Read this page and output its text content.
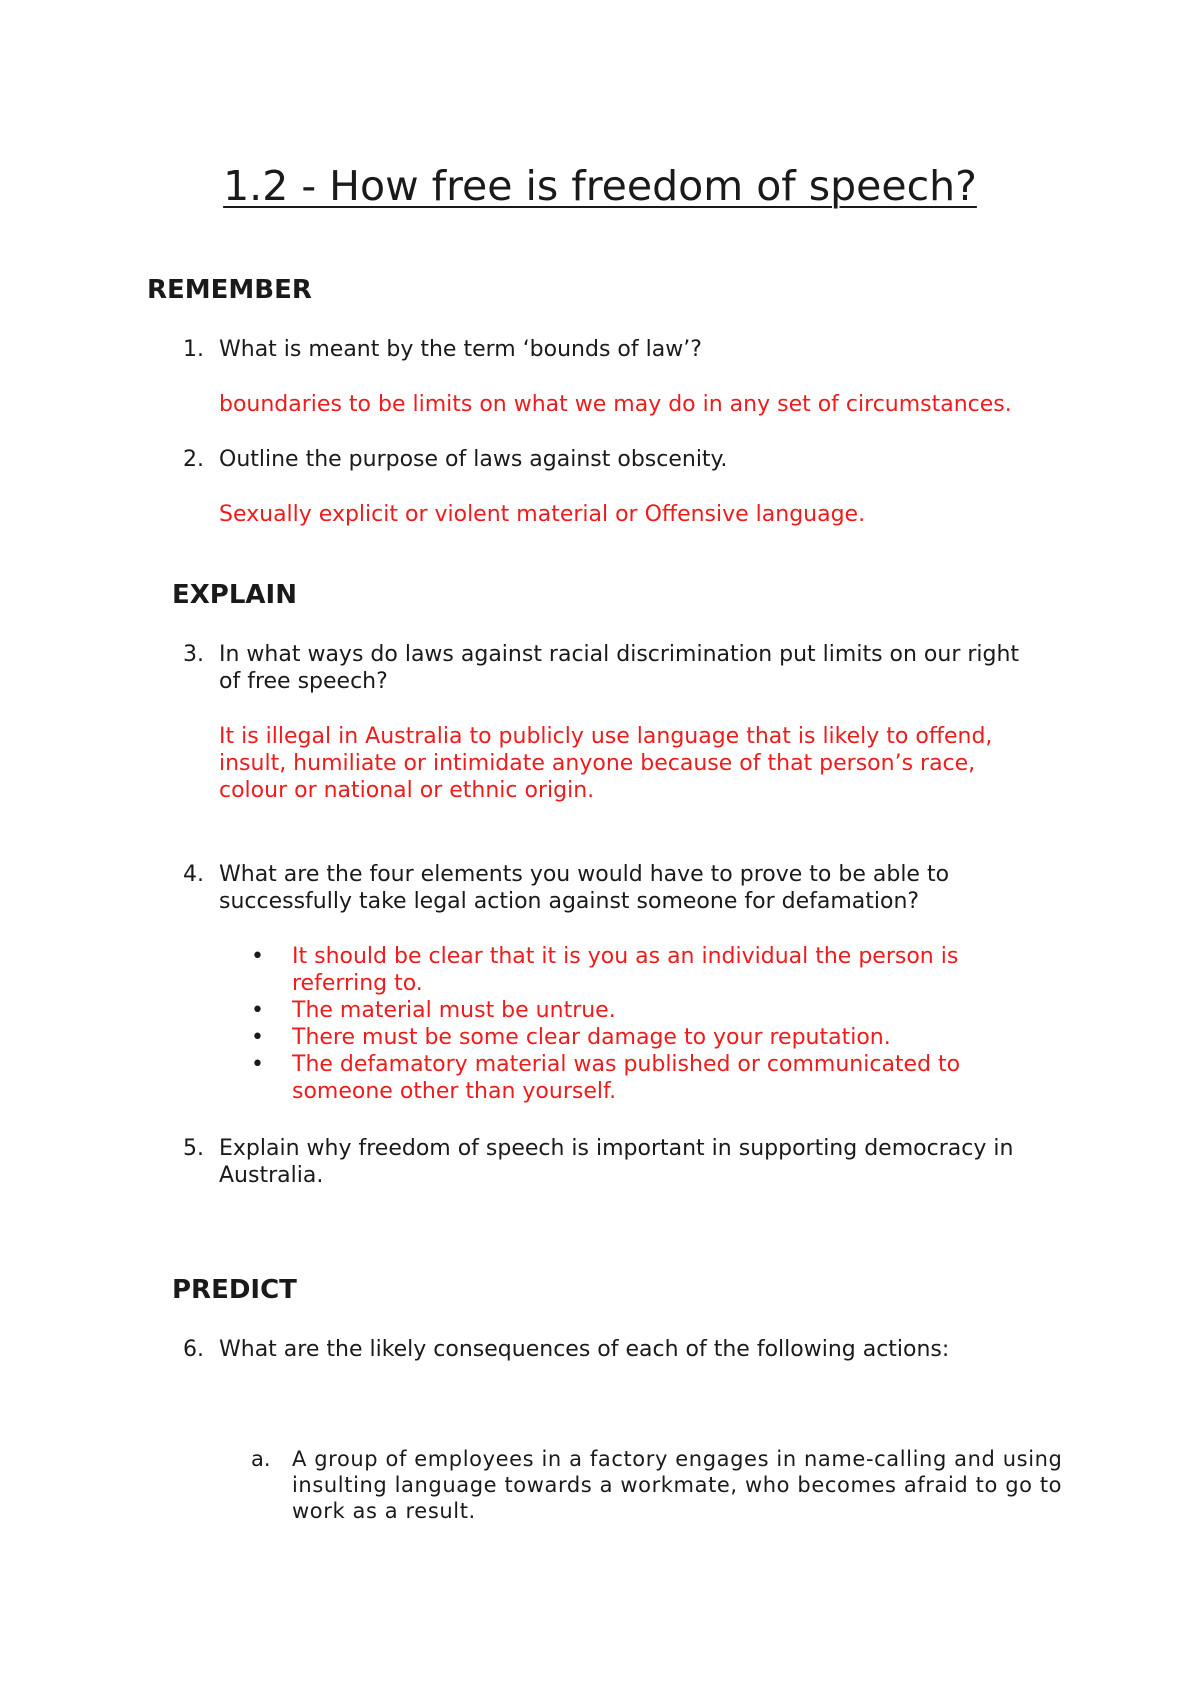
1.2 - How free is freedom of speech?
REMEMBER
1. What is meant by the term ‘bounds of law’?
boundaries to be limits on what we may do in any set of circumstances.
2. Outline the purpose of laws against obscenity.
Sexually explicit or violent material or Offensive language.
EXPLAIN
3. In what ways do laws against racial discrimination put limits on our right of free speech?
It is illegal in Australia to publicly use language that is likely to offend, insult, humiliate or intimidate anyone because of that person’s race, colour or national or ethnic origin.
4. What are the four elements you would have to prove to be able to successfully take legal action against someone for defamation?
• It should be clear that it is you as an individual the person is referring to.
• The material must be untrue.
• There must be some clear damage to your reputation.
• The defamatory material was published or communicated to someone other than yourself.
5. Explain why freedom of speech is important in supporting democracy in Australia.
PREDICT
6. What are the likely consequences of each of the following actions:
a. A group of employees in a factory engages in name-calling and using insulting language towards a workmate, who becomes afraid to go to work as a result.
